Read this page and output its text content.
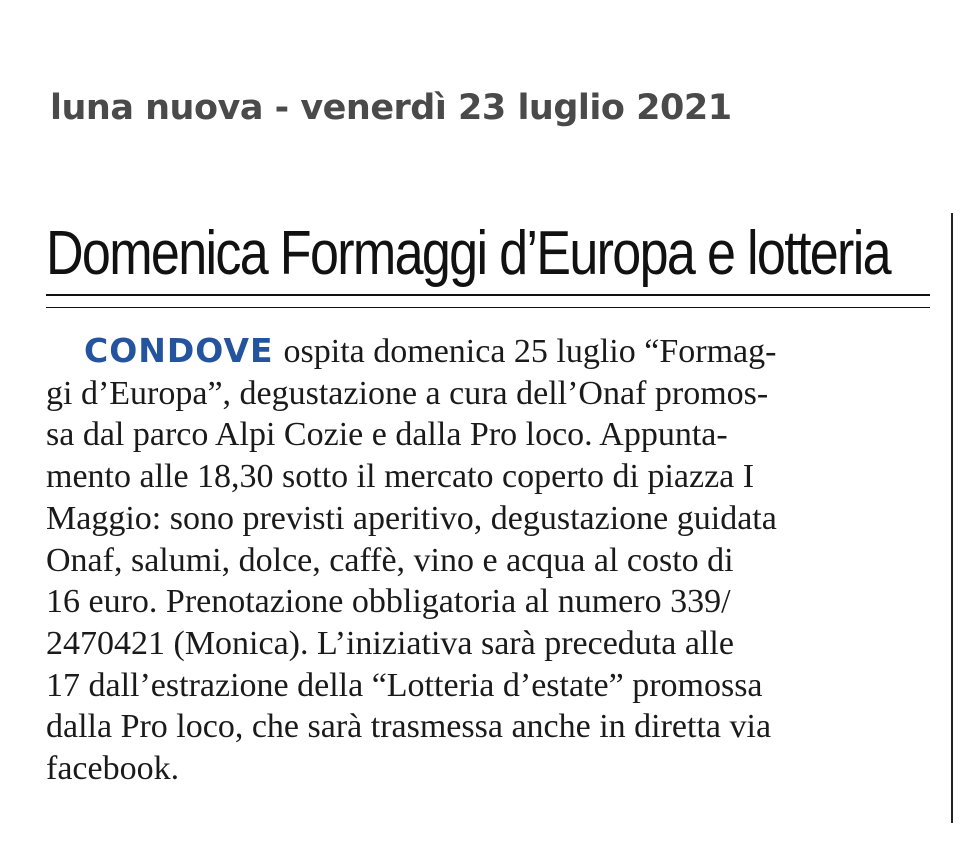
luna nuova - venerdì 23 luglio 2021
Domenica Formaggi d’Europa e lotteria
CONDOVE ospita domenica 25 luglio “Formag-
gi d’Europa”, degustazione a cura dell’Onaf promos-
sa dal parco Alpi Cozie e dalla Pro loco. Appunta-
mento alle 18,30 sotto il mercato coperto di piazza I
Maggio: sono previsti aperitivo, degustazione guidata
Onaf, salumi, dolce, caffè, vino e acqua al costo di
16 euro. Prenotazione obbligatoria al numero 339/
2470421 (Monica). L’iniziativa sarà preceduta alle
17 dall’estrazione della “Lotteria d’estate” promossa
dalla Pro loco, che sarà trasmessa anche in diretta via
facebook.
